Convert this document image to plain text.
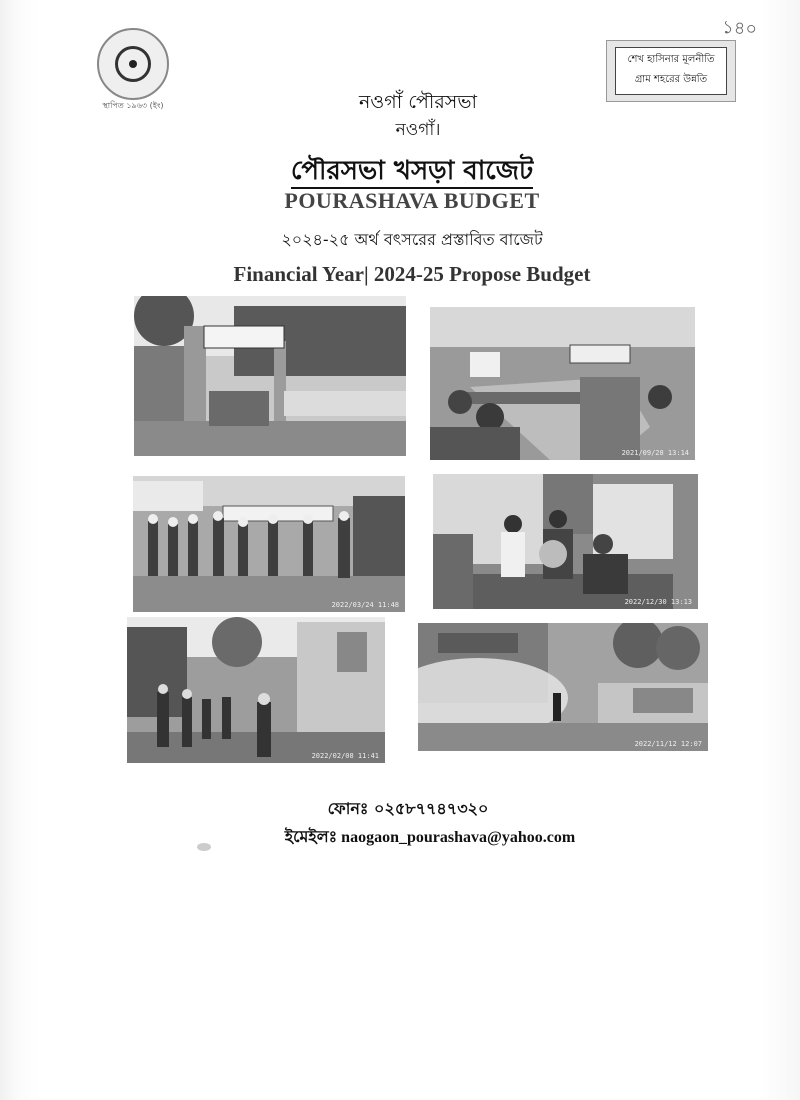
১৪০
স্থাপিত ১৯৬৩ (ইং)
শেখ হাসিনার মূলনীতি
গ্রাম শহরের উন্নতি
নওগাঁ পৌরসভা
নওগাঁ।
পৌরসভা খসড়া বাজেট
POURASHAVA BUDGET
২০২৪-২৫ অর্থ বৎসরের প্রস্তাবিত বাজেট
Financial Year| 2024-25 Propose Budget
2021/09/28 13:14
2022/03/24 11:48	2022/12/30 13:13
2022/02/08 11:41
2022/11/12 12:07
ফোনঃ ০২৫৮৭৭৪৭৩২০
ইমেইলঃ naogaon_pourashava@yahoo.com
